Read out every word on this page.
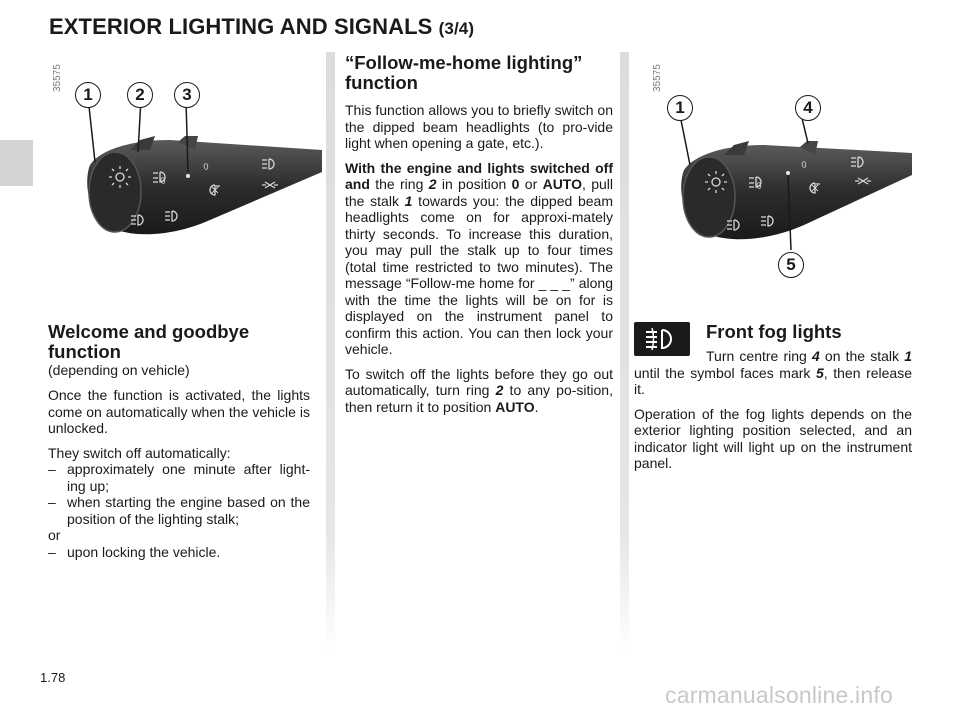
EXTERIOR LIGHTING AND SIGNALS (3/4)
35575
0
0
1	2	3
35575
0
0
1	4
5
Welcome and goodbye function
(depending on vehicle)

Once the function is activated, the lights come on automatically when the vehicle is unlocked.

They switch off automatically:

– approximately one minute after light-ing up;
– when starting the engine based on the position of the lighting stalk;
or
– upon locking the vehicle.
“Follow-me-home lighting” function

This function allows you to briefly switch on the dipped beam headlights (to pro-vide light when opening a gate, etc.).

With the engine and lights switched off and the ring 2 in position 0 or AUTO, pull the stalk 1 towards you: the dipped beam headlights come on for approxi-mately thirty seconds. To increase this duration, you may pull the stalk up to four times (total time restricted to two minutes). The message “Follow-me home for _ _ _” along with the time the lights will be on for is displayed on the instrument panel to confirm this action. You can then lock your vehicle.

To switch off the lights before they go out automatically, turn ring 2 to any po-sition, then return it to position AUTO.

Front fog lights

Turn centre ring 4 on the stalk 1 until the symbol faces mark 5, then release it.

Operation of the fog lights depends on the exterior lighting position selected, and an indicator light will light up on the instrument panel.

1.78
carmanualsonline.info
